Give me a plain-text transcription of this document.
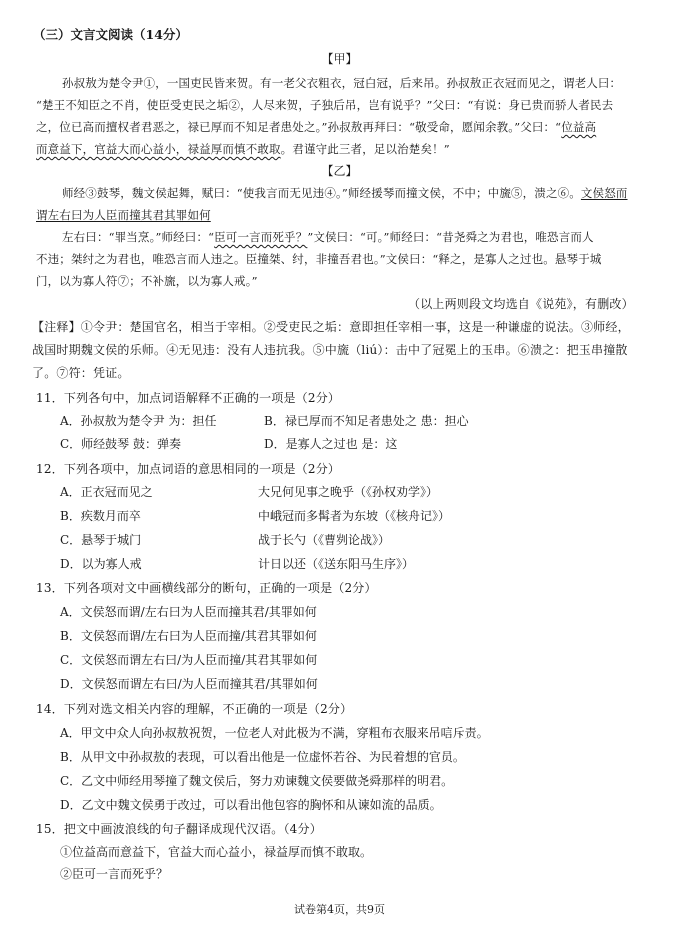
（三）文言文阅读（14分）
【甲】
孙叔敖为楚令尹①，一国吏民皆来贺。有一老父衣粗衣，冠白冠，后来吊。孙叔敖正衣冠而见之，谓老人曰：
“楚王不知臣之不肖，使臣受吏民之垢②，人尽来贺，子独后吊，岂有说乎？”父曰：“有说：身已贵而骄人者民去
之，位已高而擅权者君恶之，禄已厚而不知足者患处之。”孙叔敖再拜曰：“敬受命，愿闻余教。”父曰：“位益高
而意益下，官益大而心益小，禄益厚而慎不敢取。君谨守此三者，足以治楚矣！”
【乙】
师经③鼓琴，魏文侯起舞，赋曰：“使我言而无见违④。”师经援琴而撞文侯，不中；中旒⑤，溃之⑥。文侯怒而
谓左右曰为人臣而撞其君其罪如何
左右曰：“罪当烹。”师经曰：“臣可一言而死乎？”文侯曰：“可。”师经曰：“昔尧舜之为君也，唯恐言而人
不违；桀纣之为君也，唯恐言而人违之。臣撞桀、纣，非撞吾君也。”文侯曰：“释之，是寡人之过也。悬琴于城
门，以为寡人符⑦；不补旒，以为寡人戒。”
（以上两则段文均选自《说苑》，有删改）
【注释】①令尹：楚国官名，相当于宰相。②受吏民之垢：意即担任宰相一事，这是一种谦虚的说法。③师经，
战国时期魏文侯的乐师。④无见违：没有人违抗我。⑤中旒（liú）：击中了冠冕上的玉串。⑥溃之：把玉串撞散
了。⑦符：凭证。
11．下列各句中，加点词语解释不正确的一项是（2分）
A．孙叔敖为楚令尹 为：担任	B．禄已厚而不知足者患处之 患：担心
C．师经鼓琴 鼓：弹奏	D．是寡人之过也 是：这
12．下列各项中，加点词语的意思相同的一项是（2分）
A．正衣冠而见之	大兄何见事之晚乎（《孙权劝学》）
B．疾数月而卒	中峨冠而多髯者为东坡（《核舟记》）
C．悬琴于城门	战于长勺（《曹刿论战》）
D．以为寡人戒	计日以还（《送东阳马生序》）
13．下列各项对文中画横线部分的断句，正确的一项是（2分）
A．文侯怒而谓/左右曰为人臣而撞其君/其罪如何
B．文侯怒而谓/左右曰为人臣而撞/其君其罪如何
C．文侯怒而谓左右曰/为人臣而撞/其君其罪如何
D．文侯怒而谓左右曰/为人臣而撞其君/其罪如何
14．下列对选文相关内容的理解，不正确的一项是（2分）
A．甲文中众人向孙叔敖祝贺，一位老人对此极为不满，穿粗布衣服来吊唁斥责。
B．从甲文中孙叔敖的表现，可以看出他是一位虚怀若谷、为民着想的官员。
C．乙文中师经用琴撞了魏文侯后，努力劝谏魏文侯要做尧舜那样的明君。
D．乙文中魏文侯勇于改过，可以看出他包容的胸怀和从谏如流的品质。
15．把文中画波浪线的句子翻译成现代汉语。（4分）
①位益高而意益下，官益大而心益小，禄益厚而慎不敢取。
②臣可一言而死乎？
试卷第4页，共9页
